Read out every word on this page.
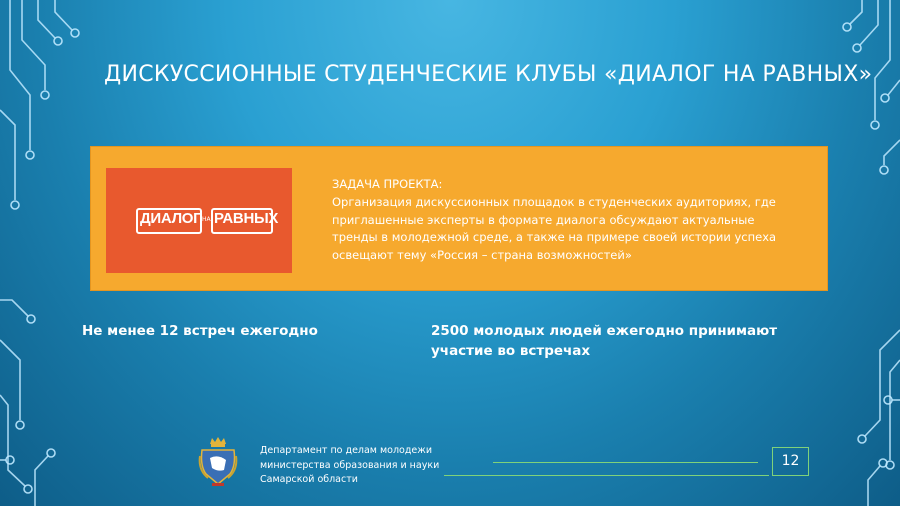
ДИСКУССИОННЫЕ СТУДЕНЧЕСКИЕ КЛУБЫ «ДИАЛОГ НА РАВНЫХ»
ДИАЛОГ НА РАВНЫХ
ЗАДАЧА ПРОЕКТА:
Организация дискуссионных площадок в студенческих аудиториях, где приглашенные эксперты в формате диалога обсуждают актуальные тренды в молодежной среде, а также на примере своей истории успеха освещают тему «Россия – страна возможностей»
Не менее 12 встреч ежегодно	2500 молодых людей ежегодно принимают участие во встречах
Департамент по делам молодежи
министерства образования и науки
Самарской области
12
